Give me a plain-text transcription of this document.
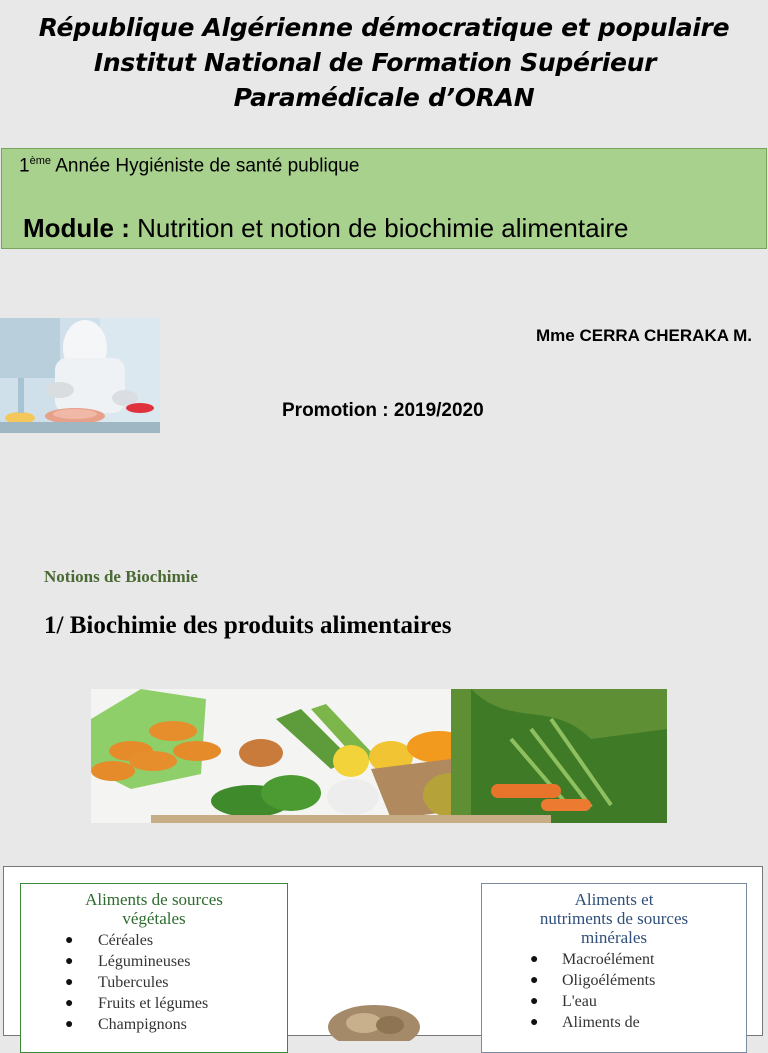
République Algérienne démocratique et populaire
Institut National de Formation Supérieur
Paramédicale d’ORAN
1ème Année Hygiéniste de santé publique
Module : Nutrition et notion de biochimie alimentaire
Mme CERRA CHERAKA M.
Promotion : 2019/2020
Notions de Biochimie
1/ Biochimie des produits alimentaires
Aliments de sources
végétales
● Céréales
● Légumineuses
● Tubercules
● Fruits et légumes
● Champignons
Aliments et
nutriments de sources
minérales
● Macroélément
● Oligoéléments
● L'eau
● Aliments de
